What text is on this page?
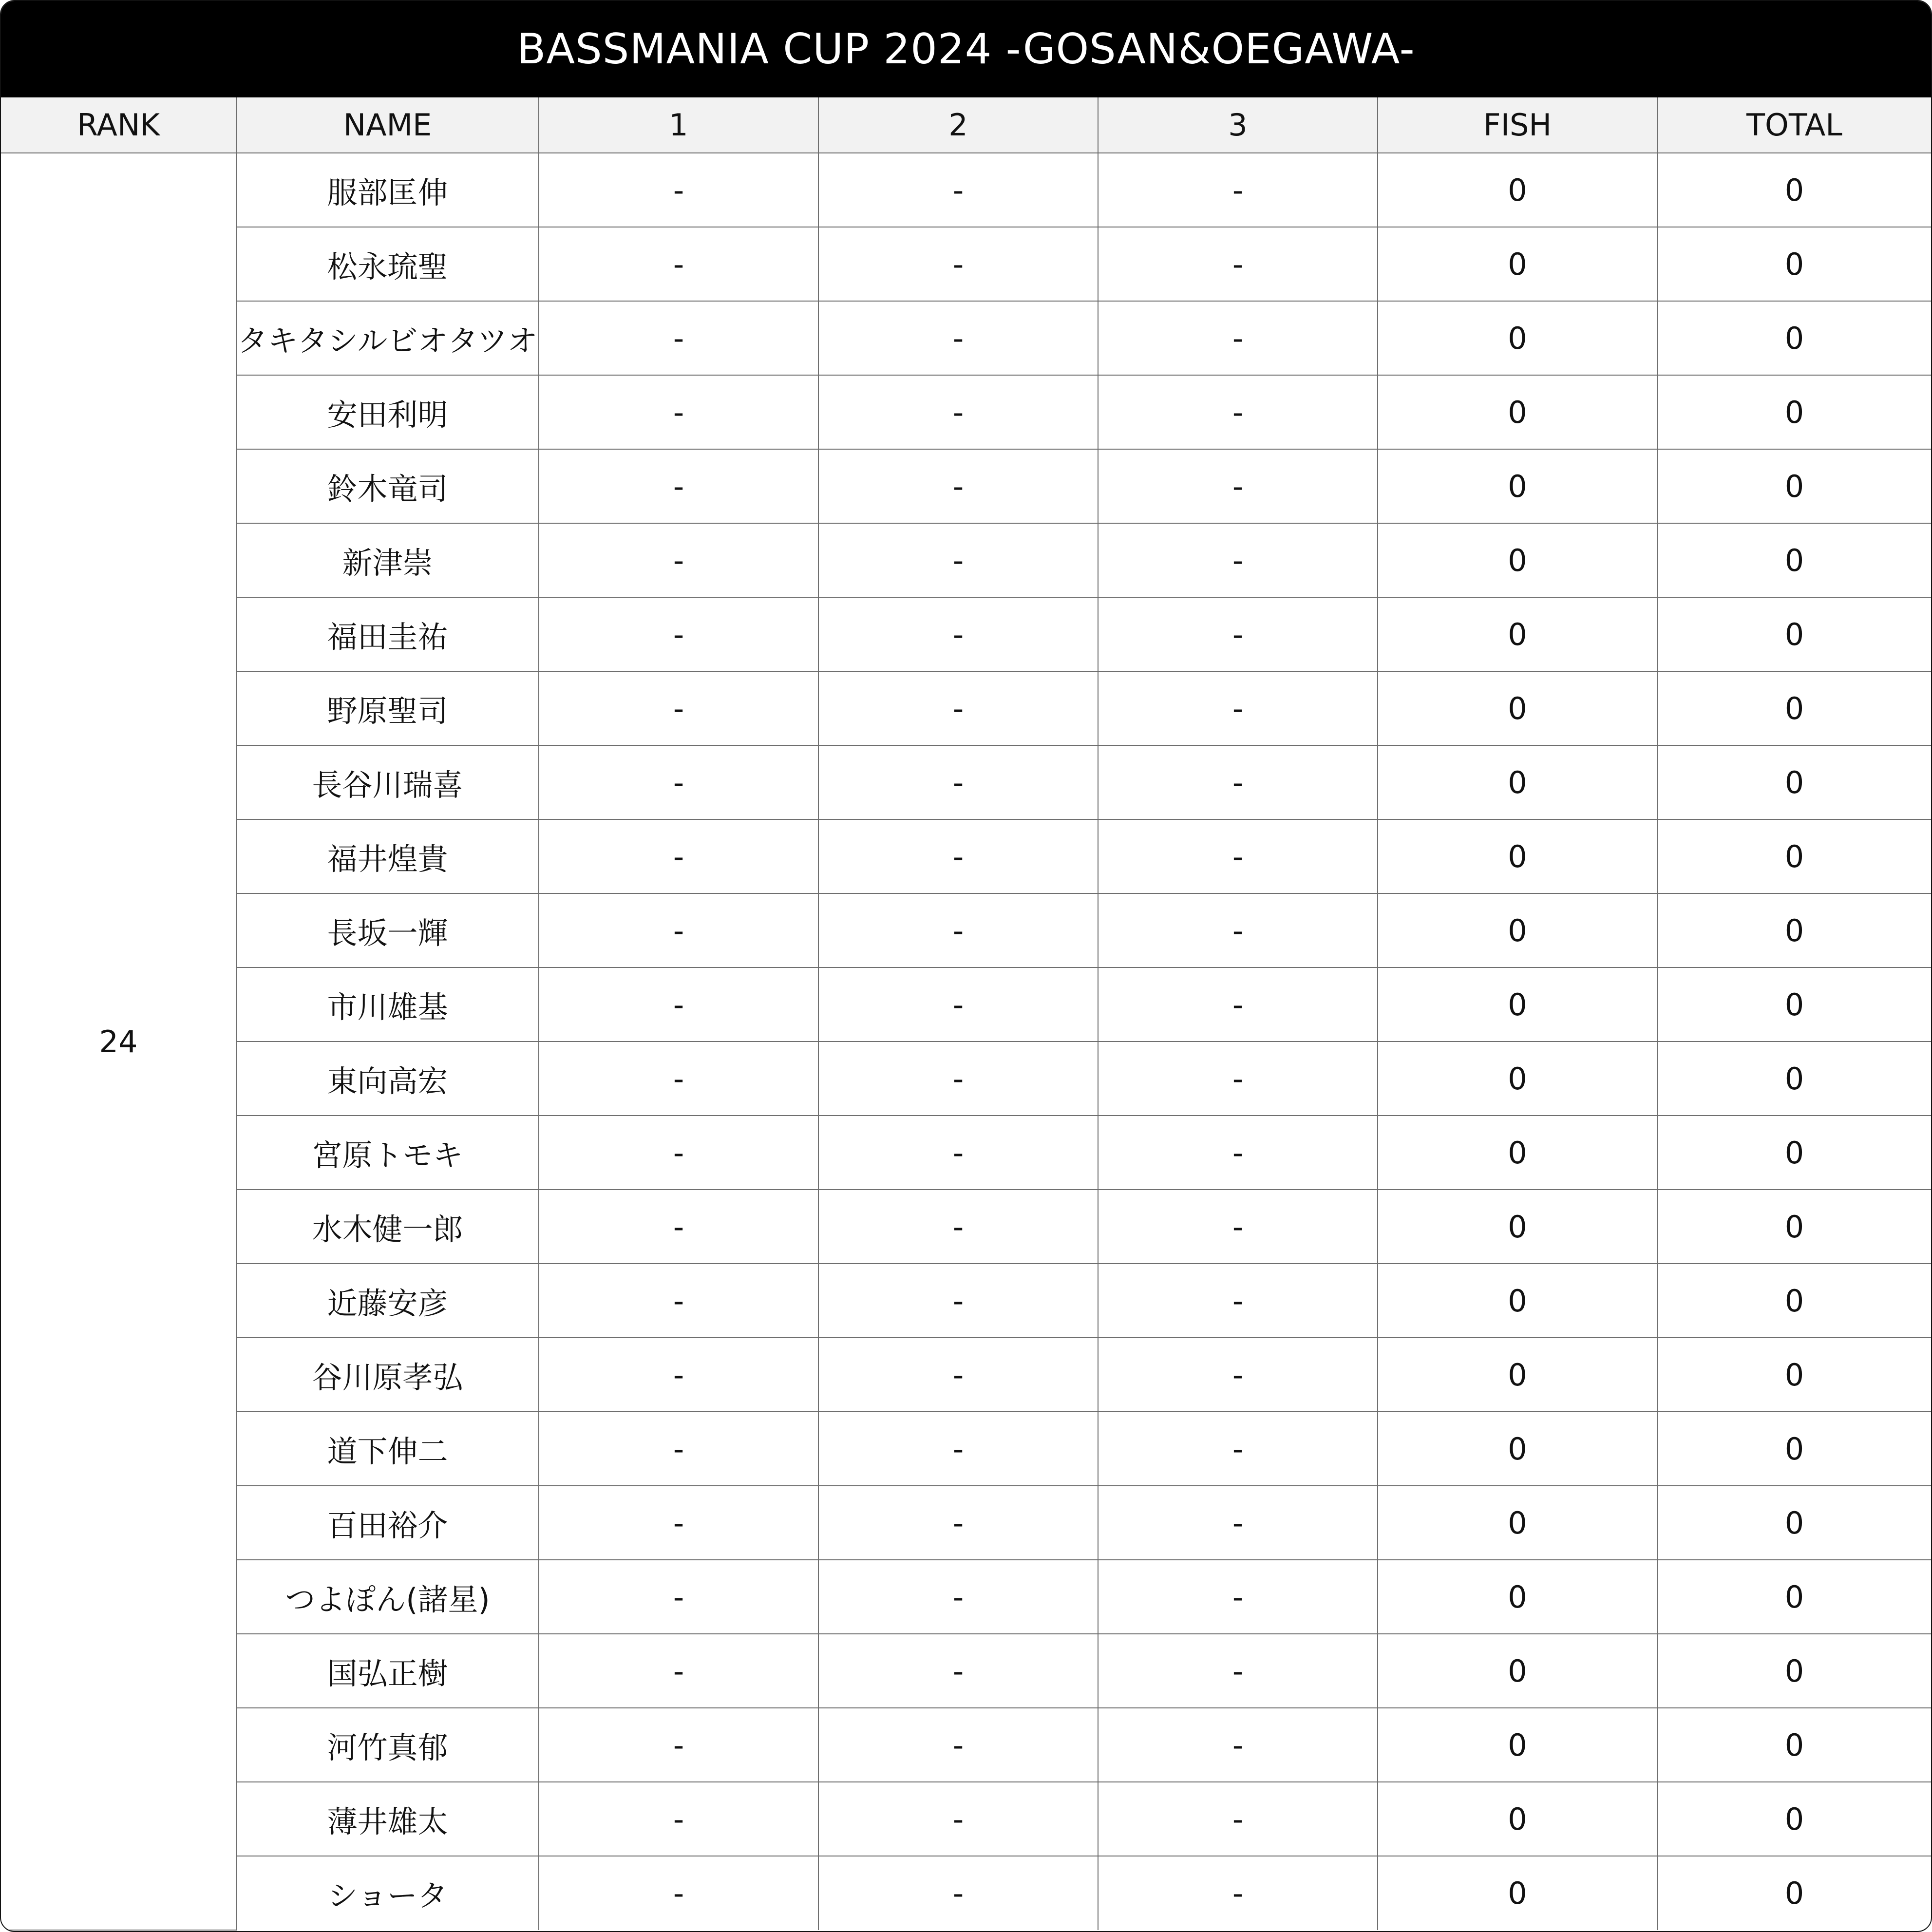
BASSMANIA CUP 2024 -GOSAN&OEGAWA-
RANK	NAME	1	2	3	FISH	TOTAL
24	服部匡伸	-	-	-	0	0
	松永琉聖	-	-	-	0	0
	タキタシルビオタツオ	-	-	-	0	0
	安田利明	-	-	-	0	0
	鈴木竜司	-	-	-	0	0
	新津崇	-	-	-	0	0
	福田圭祐	-	-	-	0	0
	野原聖司	-	-	-	0	0
	長谷川瑞喜	-	-	-	0	0
	福井煌貴	-	-	-	0	0
	長坂一輝	-	-	-	0	0
	市川雄基	-	-	-	0	0
	東向高宏	-	-	-	0	0
	宮原トモキ	-	-	-	0	0
	水木健一郎	-	-	-	0	0
	近藤安彦	-	-	-	0	0
	谷川原孝弘	-	-	-	0	0
	道下伸二	-	-	-	0	0
	百田裕介	-	-	-	0	0
	つよぽん(諸星)	-	-	-	0	0
	国弘正樹	-	-	-	0	0
	河竹真郁	-	-	-	0	0
	薄井雄太	-	-	-	0	0
	ショータ	-	-	-	0	0
